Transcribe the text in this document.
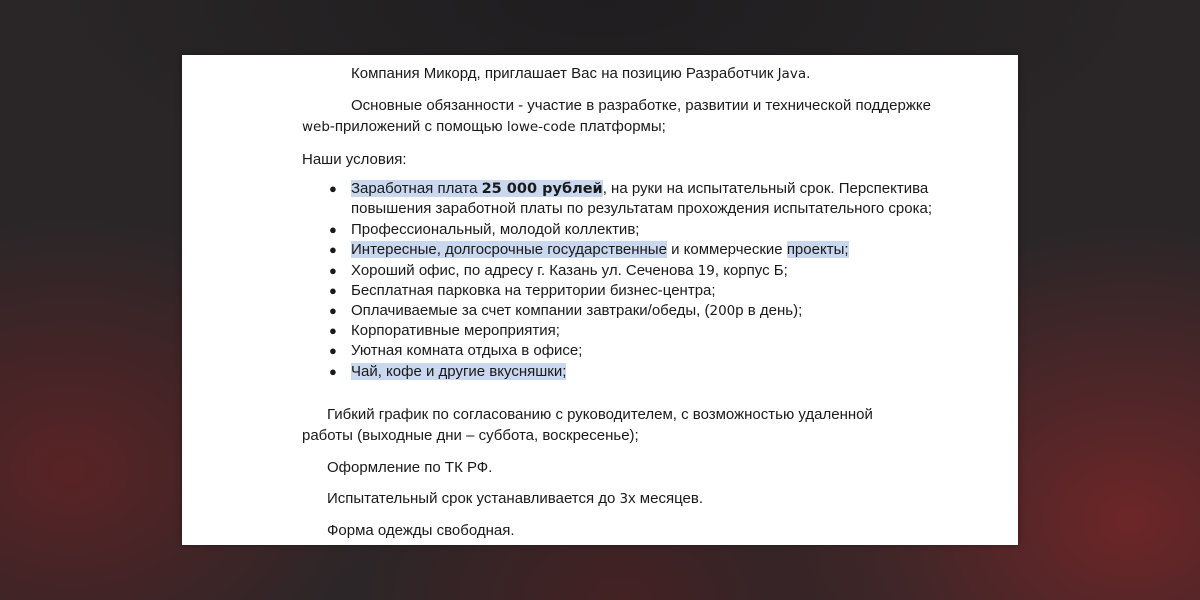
Компания Микорд, приглашает Вас на позицию Разработчик Java.
Основные обязанности - участие в разработке, развитии и технической поддержке
web-приложений с помощью lowe-code платформы;
Наши условия:
● Заработная плата 25 000 рублей, на руки на испытательный срок. Перспектива
повышения заработной платы по результатам прохождения испытательного срока;
● Профессиональный, молодой коллектив;
● Интересные, долгосрочные государственные и коммерческие проекты;
● Хороший офис, по адресу г. Казань ул. Сеченова 19, корпус Б;
● Бесплатная парковка на территории бизнес-центра;
● Оплачиваемые за счет компании завтраки/обеды, (200р в день);
● Корпоративные мероприятия;
● Уютная комната отдыха в офисе;
● Чай, кофе и другие вкусняшки;
Гибкий график по согласованию с руководителем, с возможностью удаленной
работы (выходные дни – суббота, воскресенье);
Оформление по ТК РФ.
Испытательный срок устанавливается до 3х месяцев.
Форма одежды свободная.
